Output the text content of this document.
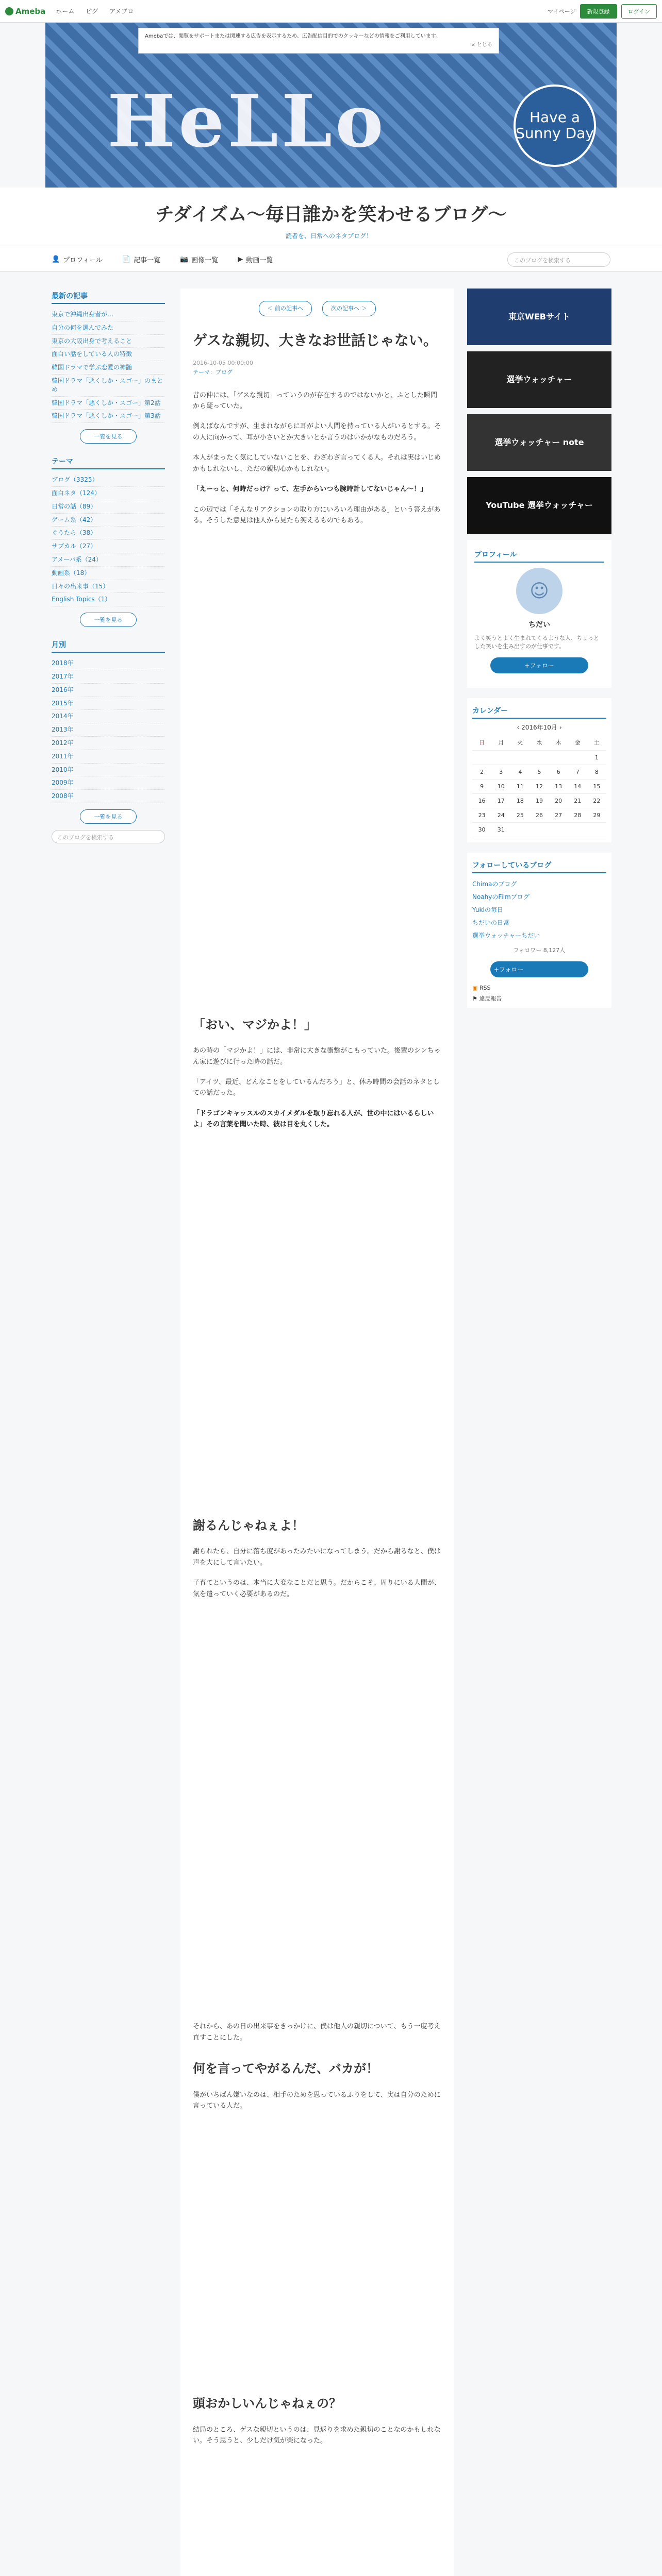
Ameba ホーム ピグ アメブロ	マイページ	新規登録	ログイン
HeLLo	Have a Sunny Day
Amebaでは、閲覧をサポートまたは関連する広告を表示するため、広告配信目的でのクッキーなどの情報をご利用しています。
× とじる
チダイズム〜毎日誰かを笑わせるブログ〜
読者を、日常へのネタブログ！
👤 プロフィール	📄 記事一覧	📷 画像一覧	▶ 動画一覧	このブログを検索する
最新の記事
東京で沖縄出身者が…
自分の何を選んでみた
東京の大阪出身で考えること
面白い話をしている人の特徴
韓国ドラマで学ぶ恋愛の神髄
韓国ドラマ「悪くしか・スゴー」のまとめ
韓国ドラマ「悪くしか・スゴー」第2話
韓国ドラマ「悪くしか・スゴー」第3話
一覧を見る
テーマ
ブログ（3325）
面白ネタ（124）
日常の話（89）
ゲーム系（42）
ぐうたら（38）
サブカル（27）
アメーバ系（24）
動画系（18）
日々の出来事（15）
English Topics（1）
一覧を見る
月別
2018年
2017年
2016年
2015年
2014年
2013年
2012年
2011年
2010年
2009年
2008年
一覧を見る
このブログを検索する
＜ 前の記事へ	次の記事へ ＞
ゲスな親切、大きなお世話じゃない。
2016-10-05 00:00:00
テーマ：ブログ

昔の仲には、「ゲスな親切」っていうのが存在するのではないかと、ふとした瞬間から疑っていた。

例えばなんですが、生まれながらに耳がよい人間を持っている人がいるとする。その人に向かって、耳が小さいとか大きいとか言うのはいかがなものだろう。

本人がまったく気にしていないことを、わざわざ言ってくる人。それは実はいじめかもしれないし、ただの親切心かもしれない。

「えーっと、何時だっけ？って、左手からいつも腕時計してないじゃん〜！」

この辺では「そんなリアクションの取り方にいろいろ理由がある」という答えがある。そうした意見は他人から見たら笑えるものでもある。

「おい、マジかよ！」

あの時の「マジかよ！」には、非常に大きな衝撃がこもっていた。後輩のシンちゃん家に遊びに行った時の話だ。

「アイツ、最近、どんなことをしているんだろう」と、休み時間の会話のネタとしての話だった。

「ドラゴンキャッスルのスカイメダルを取り忘れる人が、世の中にはいるらしいよ」その言葉を聞いた時、彼は目を丸くした。

謝るんじゃねぇよ！

謝られたら、自分に落ち度があったみたいになってしまう。だから謝るなと、僕は声を大にして言いたい。

子育てというのは、本当に大変なことだと思う。だからこそ、周りにいる人間が、気を遣っていく必要があるのだ。

それから、あの日の出来事をきっかけに、僕は他人の親切について、もう一度考え直すことにした。

何を言ってやがるんだ、バカが！

僕がいちばん嫌いなのは、相手のためを思っているふりをして、実は自分のために言っている人だ。

頭おかしいんじゃねぇの？

結局のところ、ゲスな親切というのは、見返りを求めた親切のことなのかもしれない。そう思うと、少しだけ気が楽になった。

東京WEBサイト
選挙ウォッチャー
選挙ウォッチャー note
YouTube 選挙ウォッチャー
プロフィール
☺
ちだい
よく笑うとよく生まれてくるような人、ちょっとした笑いを生み出すのが仕事です。
+フォロー
カレンダー
‹ 2016年10月 ›
日	月	火	水	木	金	土
						1
2	3	4	5	6	7	8
9	10	11	12	13	14	15
16	17	18	19	20	21	22
23	24	25	26	27	28	29
30	31					
フォローしているブログ
Chimaのブログ
NoahyのFilmブログ
Yukiの毎日
ちだいの日常
選挙ウォッチャーちだい
フォロワー 8,127人
+フォロー
▣ RSS
⚑ 違反報告
